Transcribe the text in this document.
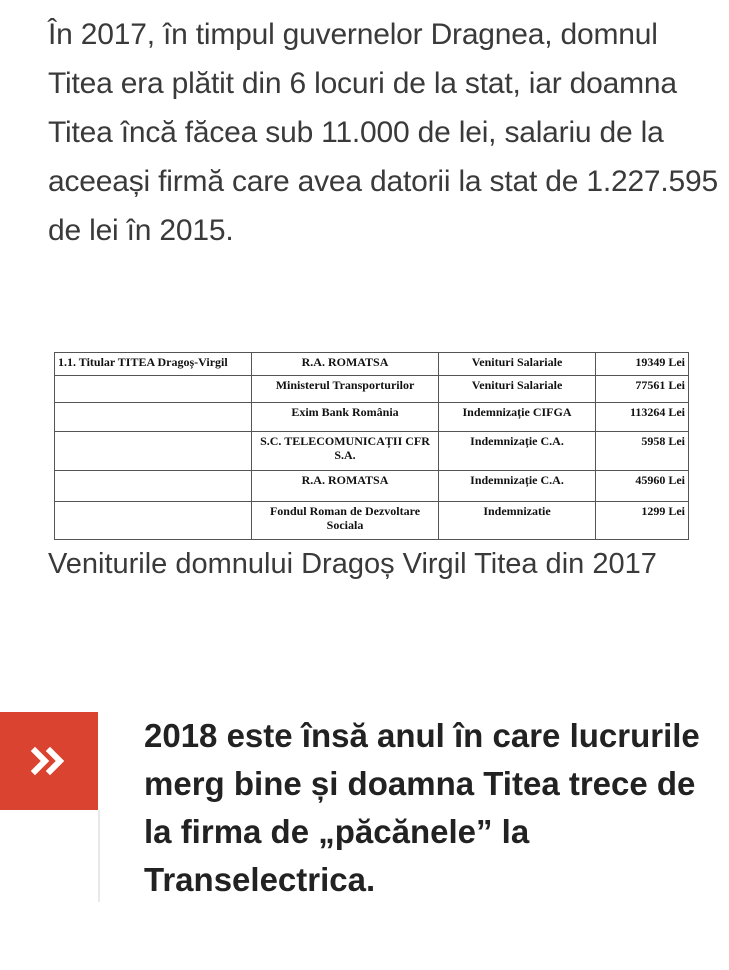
În 2017, în timpul guvernelor Dragnea, domnul Titea era plătit din 6 locuri de la stat, iar doamna Titea încă făcea sub 11.000 de lei, salariu de la aceeași firmă care avea datorii la stat de 1.227.595 de lei în 2015.

1.1. Titular TITEA Dragoș-Virgil	R.A. ROMATSA	Venituri Salariale	19349 Lei
	Ministerul Transporturilor	Venituri Salariale	77561 Lei
	Exim Bank România	Indemnizație CIFGA	113264 Lei
	S.C. TELECOMUNICAȚII CFR S.A.	Indemnizație C.A.	5958 Lei
	R.A. ROMATSA	Indemnizație C.A.	45960 Lei
	Fondul Roman de Dezvoltare Sociala	Indemnizatie	1299 Lei

Veniturile domnului Dragoș Virgil Titea din 2017

2018 este însă anul în care lucrurile merg bine și doamna Titea trece de la firma de „păcănele” la Transelectrica.
